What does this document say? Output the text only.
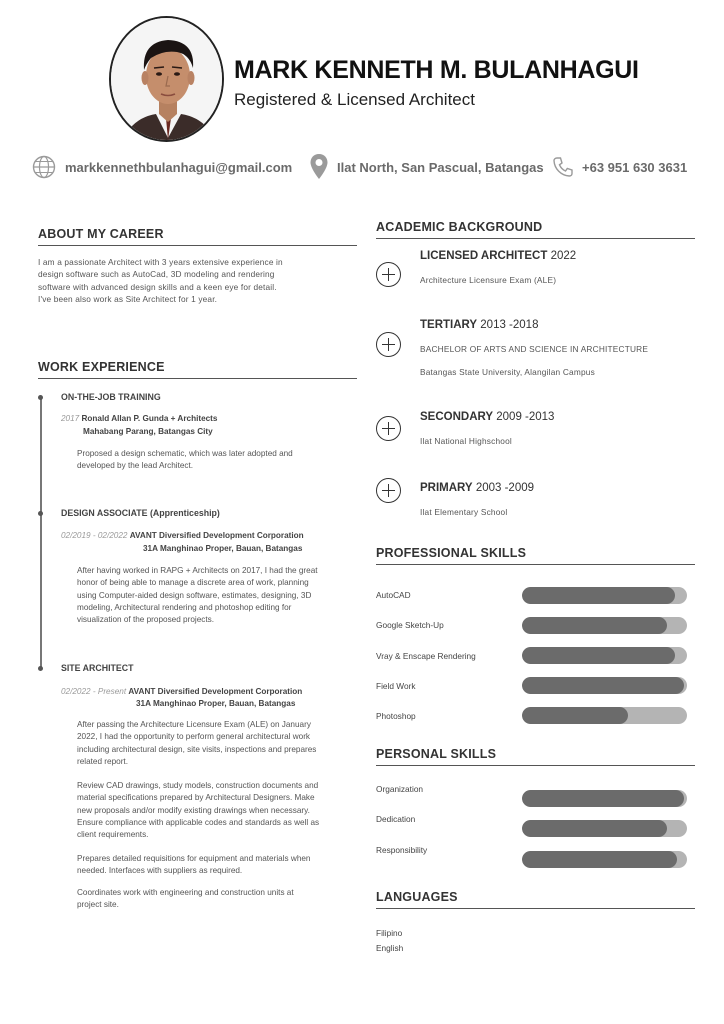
MARK KENNETH M. BULANHAGUI
Registered & Licensed Architect
markkennethbulanhagui@gmail.com	Ilat North, San Pascual, Batangas	+63 951 630 3631
ABOUT MY CAREER
I am a passionate Architect with 3 years extensive experience in
design software such as AutoCad, 3D modeling and rendering
software with advanced design skills and a keen eye for detail.
I've been also work as Site Architect for 1 year.
WORK EXPERIENCE
ON-THE-JOB TRAINING
2017 Ronald Allan P. Gunda + Architects
Mahabang Parang, Batangas City
Proposed a design schematic, which was later adopted and
developed by the lead Architect.
DESIGN ASSOCIATE (Apprenticeship)
02/2019 - 02/2022 AVANT Diversified Development Corporation
31A Manghinao Proper, Bauan, Batangas
After having worked in RAPG + Architects on 2017, I had the great
honor of being able to manage a discrete area of work, planning
using Computer-aided design software, estimates, designing, 3D
modeling, Architectural rendering and photoshop editing for
visualization of the proposed projects.
SITE ARCHITECT
02/2022 - Present AVANT Diversified Development Corporation
31A Manghinao Proper, Bauan, Batangas
After passing the Architecture Licensure Exam (ALE) on January
2022, I had the opportunity to perform general architectural work
including architectural design, site visits, inspections and prepares
related report.
Review CAD drawings, study models, construction documents and
material specifications prepared by Architectural Designers. Make
new proposals and/or modify existing drawings when necessary.
Ensure compliance with applicable codes and standards as well as
client requirements.
Prepares detailed requisitions for equipment and materials when
needed. Interfaces with suppliers as required.
Coordinates work with engineering and construction units at
project site.
ACADEMIC BACKGROUND
LICENSED ARCHITECT 2022
Architecture Licensure Exam (ALE)
TERTIARY 2013 -2018
BACHELOR OF ARTS AND SCIENCE IN ARCHITECTURE
Batangas State University, Alangilan Campus
SECONDARY 2009 -2013
Ilat National Highschool
PRIMARY 2003 -2009
Ilat Elementary School
PROFESSIONAL SKILLS
AutoCAD
Google Sketch-Up
Vray & Enscape Rendering
Field Work
Photoshop
PERSONAL SKILLS
Organization
Dedication
Responsibility
LANGUAGES
Filipino
English
